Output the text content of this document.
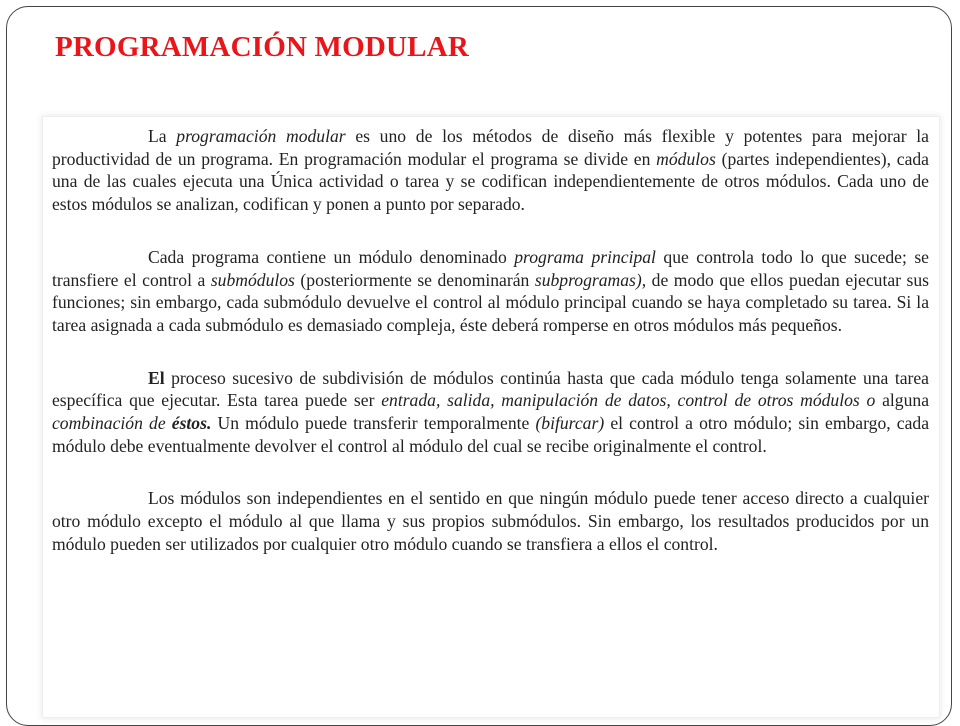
PROGRAMACIÓN MODULAR

La programación modular es uno de los métodos de diseño más flexible y potentes para mejorar la productividad de un programa. En programación modular el programa se divide en módulos (partes independientes), cada una de las cuales ejecuta una Única actividad o tarea y se codifican independientemente de otros módulos. Cada uno de estos módulos se analizan, codifican y ponen a punto por separado.

Cada programa contiene un módulo denominado programa principal que controla todo lo que sucede; se transfiere el control a submódulos (posteriormente se denominarán subprogramas), de modo que ellos puedan ejecutar sus funciones; sin embargo, cada submódulo devuelve el control al módulo principal cuando se haya completado su tarea. Si la tarea asignada a cada submódulo es demasiado compleja, éste deberá romperse en otros módulos más pequeños.

El proceso sucesivo de subdivisión de módulos continúa hasta que cada módulo tenga solamente una tarea específica que ejecutar. Esta tarea puede ser entrada, salida, manipulación de datos, control de otros módulos o alguna combinación de éstos. Un módulo puede transferir temporalmente (bifurcar) el control a otro módulo; sin embargo, cada módulo debe eventualmente devolver el control al módulo del cual se recibe originalmente el control.

Los módulos son independientes en el sentido en que ningún módulo puede tener acceso directo a cualquier otro módulo excepto el módulo al que llama y sus propios submódulos. Sin embargo, los resultados producidos por un módulo pueden ser utilizados por cualquier otro módulo cuando se transfiera a ellos el control.
